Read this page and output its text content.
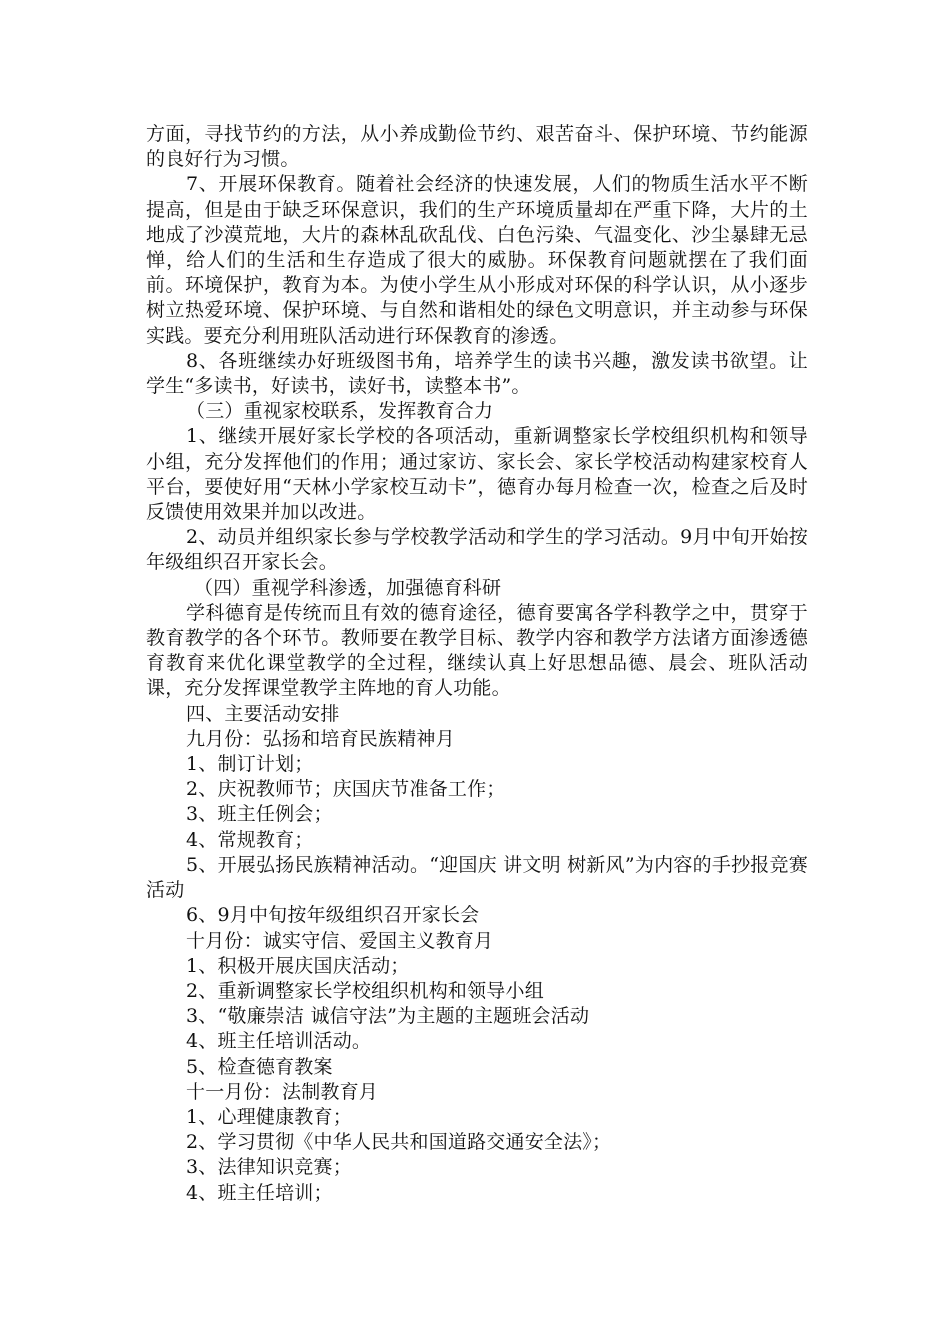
方面，寻找节约的方法，从小养成勤俭节约、艰苦奋斗、保护环境、节约能源的良好行为习惯。

7、开展环保教育。随着社会经济的快速发展，人们的物质生活水平不断提高，但是由于缺乏环保意识，我们的生产环境质量却在严重下降，大片的土地成了沙漠荒地，大片的森林乱砍乱伐、白色污染、气温变化、沙尘暴肆无忌惮，给人们的生活和生存造成了很大的威胁。环保教育问题就摆在了我们面前。环境保护，教育为本。为使小学生从小形成对环保的科学认识，从小逐步树立热爱环境、保护环境、与自然和谐相处的绿色文明意识，并主动参与环保实践。要充分利用班队活动进行环保教育的渗透。

8、各班继续办好班级图书角，培养学生的读书兴趣，激发读书欲望。让学生“多读书，好读书，读好书，读整本书”。

（三）重视家校联系，发挥教育合力

1、继续开展好家长学校的各项活动，重新调整家长学校组织机构和领导小组，充分发挥他们的作用；通过家访、家长会、家长学校活动构建家校育人平台，要使好用“天林小学家校互动卡”，德育办每月检查一次，检查之后及时反馈使用效果并加以改进。

2、动员并组织家长参与学校教学活动和学生的学习活动。9月中旬开始按年级组织召开家长会。

（四）重视学科渗透，加强德育科研

学科德育是传统而且有效的德育途径，德育要寓各学科教学之中，贯穿于教育教学的各个环节。教师要在教学目标、教学内容和教学方法诸方面渗透德育教育来优化课堂教学的全过程，继续认真上好思想品德、晨会、班队活动课，充分发挥课堂教学主阵地的育人功能。

四、主要活动安排

九月份：弘扬和培育民族精神月

1、制订计划；

2、庆祝教师节；庆国庆节准备工作；

3、班主任例会；

4、常规教育；

5、开展弘扬民族精神活动。“迎国庆 讲文明 树新风”为内容的手抄报竞赛活动

6、9月中旬按年级组织召开家长会

十月份：诚实守信、爱国主义教育月

1、积极开展庆国庆活动；

2、重新调整家长学校组织机构和领导小组

3、“敬廉崇洁 诚信守法”为主题的主题班会活动

4、班主任培训活动。

5、检查德育教案

十一月份：法制教育月

1、心理健康教育；

2、学习贯彻《中华人民共和国道路交通安全法》；

3、法律知识竞赛；

4、班主任培训；
